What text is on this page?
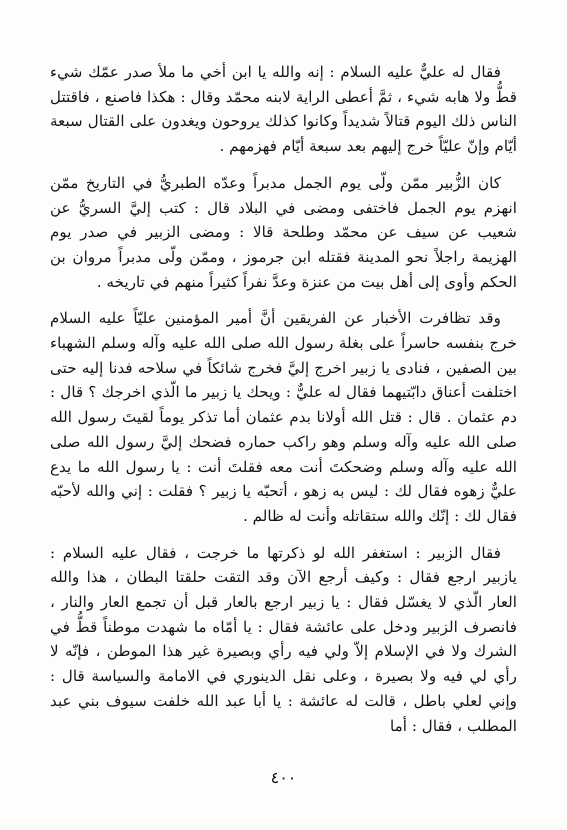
فقال له عليٌّ عليه السلام : إنه والله يا ابن أخي ما ملأ صدر عمّك شيء قطُّ ولا هابه شيء ، ثمَّ أعطى الراية لابنه محمّد وقال : هكذا فاصنع ، فاقتتل الناس ذلك اليوم قتالاً شديداً وكانوا كذلك يروحون ويغدون على القتال سبعة أيّام وإنّ عليّاً خرج إليهم بعد سبعة أيّام فهزمهم .

كان الزُّبير ممّن ولّى يوم الجمل مدبراً وعدّه الطبريُّ في التاريخ ممّن انهزم يوم الجمل فاختفى ومضى في البلاد قال : كتب إليَّ السريُّ عن شعيب عن سيف عن محمّد وطلحة قالا : ومضى الزبير في صدر يوم الهزيمة راجلاً نحو المدينة فقتله ابن جرموز ، وممّن ولّى مدبراً مروان بن الحكم وأوى إلى أهل بيت من عنزة وعدَّ نفراً كثيراً منهم في تاريخه .

وقد تظافرت الأخبار عن الفريقين أنَّ أمير المؤمنين عليّاً عليه السلام خرج بنفسه حاسراً على بغلة رسول الله صلى الله عليه وآله وسلم الشهباء بين الصفين ، فنادى يا زبير اخرج إليَّ فخرج شائكاً في سلاحه فدنا إليه حتى اختلفت أعناق دابّتيهما فقال له عليٌّ : ويحك يا زبير ما الّذي اخرجك ؟ قال : دم عثمان . قال : قتل الله أولانا بدم عثمان أما تذكر يوماً لقيتَ رسول الله صلى الله عليه وآله وسلم وهو راكب حماره فضحك إليَّ رسول الله صلى الله عليه وآله وسلم وضحكتَ أنت معه فقلتَ أنت : يا رسول الله ما يدع عليٌّ زهوه فقال لك : ليس به زهو ، أتحبّه يا زبير ؟ فقلت : إني والله لأحبّه فقال لك : إنّك والله ستقاتله وأنت له ظالم .

فقال الزبير : استغفر الله لو ذكرتها ما خرجت ، فقال عليه السلام : يازبير ارجع فقال : وكيف أرجع الآن وقد التقت حلقتا البطان ، هذا والله العار الّذي لا يغسّل فقال : يا زبير ارجع بالعار قبل أن تجمع العار والنار ، فانصرف الزبير ودخل على عائشة فقال : يا أمّاه ما شهدت موطناً قطُّ في الشرك ولا في الإسلام إلاّ ولي فيه رأي وبصيرة غير هذا الموطن ، فإنّه لا رأي لي فيه ولا بصيرة ، وعلى نقل الدينوري في الامامة والسياسة قال : وإني لعلي باطل ، قالت له عائشة : يا أبا عبد الله خلفت سيوف بني عبد المطلب ، فقال : أما

٤٠٠
